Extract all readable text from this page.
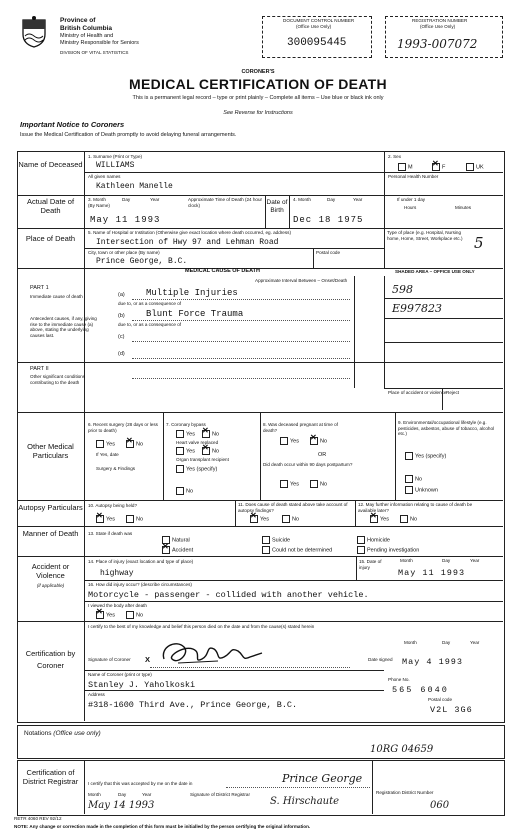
Province of
British Columbia
Ministry of Health and
Ministry Responsible for Seniors
DIVISION OF VITAL STATISTICS
DOCUMENT CONTROL NUMBER
(Office Use Only)
300095445
REGISTRATION NUMBER
(Office Use Only)
1993-007072
CORONER'S
MEDICAL CERTIFICATION OF DEATH
This is a permanent legal record – type or print plainly – Complete all items – Use blue or black ink only
See Reverse for Instructions
Important Notice to Coroners
Issue the Medical Certification of Death promptly to avoid delaying funeral arrangements.
Name of Deceased
1. Surname (Print or Type)
WILLIAMS
All given names
Kathleen Manelle
2. Sex
M ✕	F	UK
Personal Health Number
Actual Date of Death
3. Month	Day	Year
(By Name)
Approximate Time of Death (24 hour clock)
May 11 1993
Date of Birth
4. Month	Day	Year
Dec 18 1975
If under 1 day
Hours	Minutes
Place of Death
5. Name of Hospital or Institution (Otherwise give exact location where death occurred, eg. address)
Intersection of Hwy 97 and Lehman Road
City, town or other place (By name)
Prince George, B.C.
Postal code
Type of place (e.g. Hospital, Nursing home, Home, Street, Workplace etc.) 5
MEDICAL CAUSE OF DEATH	SHADED AREA – OFFICE USE ONLY
Approximate Interval Between – Onset/Death
PART 1
Immediate cause of death	(a) Multiple Injuries
due to, or as a consequence of
Antecedent causes, if any, giving rise to the immediate cause (a) above, stating the underlying causes last.
(b) Blunt Force Trauma
due to, or as a consequence of
(c)
(d)
598
E997823
PART II
Other significant conditions contributing to the death
Place of accident or violence Reject
Other Medical Particulars
6. Recent surgery (28 days or less prior to death)
Yes ✕	No
If Yes, date
Surgery & Findings
7. Coronary bypass
Yes ✕	No
Heart valve replaced
Yes ✕	No
Organ transplant recipient
Yes (specify)
No
8. Was deceased pregnant at time of death?
Yes ✕	No
OR
Did death occur within 90 days postpartum?
Yes	No
9. Environmental/occupational lifestyle (e.g. pesticides, asbestos, abuse of tobacco, alcohol etc.)
Yes (specify)
No
Unknown
Autopsy Particulars 10. Autopsy being held?
✕Yes	No
11. Does cause of death stated above take account of autopsy findings?
✕Yes	No
12. May further information relating to cause of death be available later?
✕Yes	No
Manner of Death	13. State if death was
Natural	Suicide	Homicide
✕Accident	Could not be determined	Pending investigation
Accident or Violence
(if applicable)
14. Place of injury (exact location and type of place)
highway
15. Date of injury
Month	Day	Year
May 11 1993
16. How did injury occur? (describe circumstances)
Motorcycle - passenger - collided with another vehicle.
I viewed the body after death
✕Yes	No
Certification by Coroner
I certify to the best of my knowledge and belief this person died on the date and from the cause(s) stated herein
Signature of Coroner X	Date signed
Month	Day	Year
May 4 1993
Name of Coroner (print or type)
Stanley J. Yaholkoski
Phone No.
565 6040
Address
#318-1600 Third Ave., Prince George, B.C.
Postal code
V2L 3G6
Notations (Office use only)
10RG 04659
Certification of District Registrar	I certify that this was accepted by me on the date in	Prince George
Month	Day	Year
May 14 1993
Signature of District Registrar
S. Hirschaute
Registration District Number
060
RETR 4060 REV 92/12
NOTE: Any change or correction made in the completion of this form must be initialled by the person certifying the original information.
